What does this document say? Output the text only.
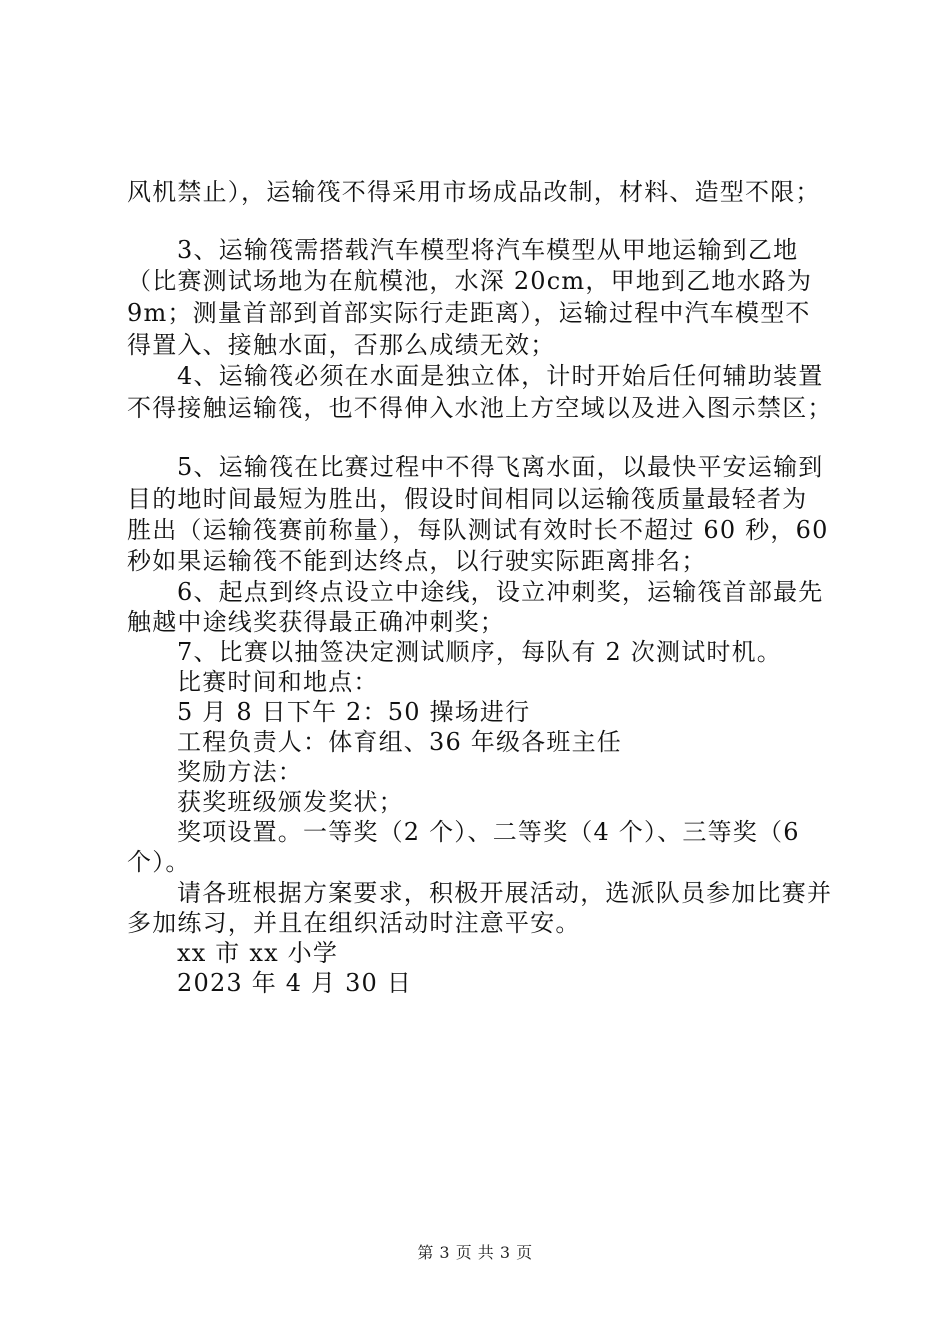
风机禁止），运输筏不得采用市场成品改制，材料、造型不限；
3、运输筏需搭载汽车模型将汽车模型从甲地运输到乙地
（比赛测试场地为在航模池，水深 20cm，甲地到乙地水路为
9m；测量首部到首部实际行走距离），运输过程中汽车模型不
得置入、接触水面，否那么成绩无效；
4、运输筏必须在水面是独立体，计时开始后任何辅助装置
不得接触运输筏，也不得伸入水池上方空域以及进入图示禁区；
5、运输筏在比赛过程中不得飞离水面，以最快平安运输到
目的地时间最短为胜出，假设时间相同以运输筏质量最轻者为
胜出（运输筏赛前称量），每队测试有效时长不超过 60 秒，60
秒如果运输筏不能到达终点，以行驶实际距离排名；
6、起点到终点设立中途线，设立冲刺奖，运输筏首部最先
触越中途线奖获得最正确冲刺奖；
7、比赛以抽签决定测试顺序，每队有 2 次测试时机。
比赛时间和地点：
5 月 8 日下午 2：50 操场进行
工程负责人：体育组、36 年级各班主任
奖励方法：
获奖班级颁发奖状；
奖项设置。一等奖（2 个）、二等奖（4 个）、三等奖（6
个）。
请各班根据方案要求，积极开展活动，选派队员参加比赛并
多加练习，并且在组织活动时注意平安。
xx 市 xx 小学
2023 年 4 月 30 日
第 3 页 共 3 页
